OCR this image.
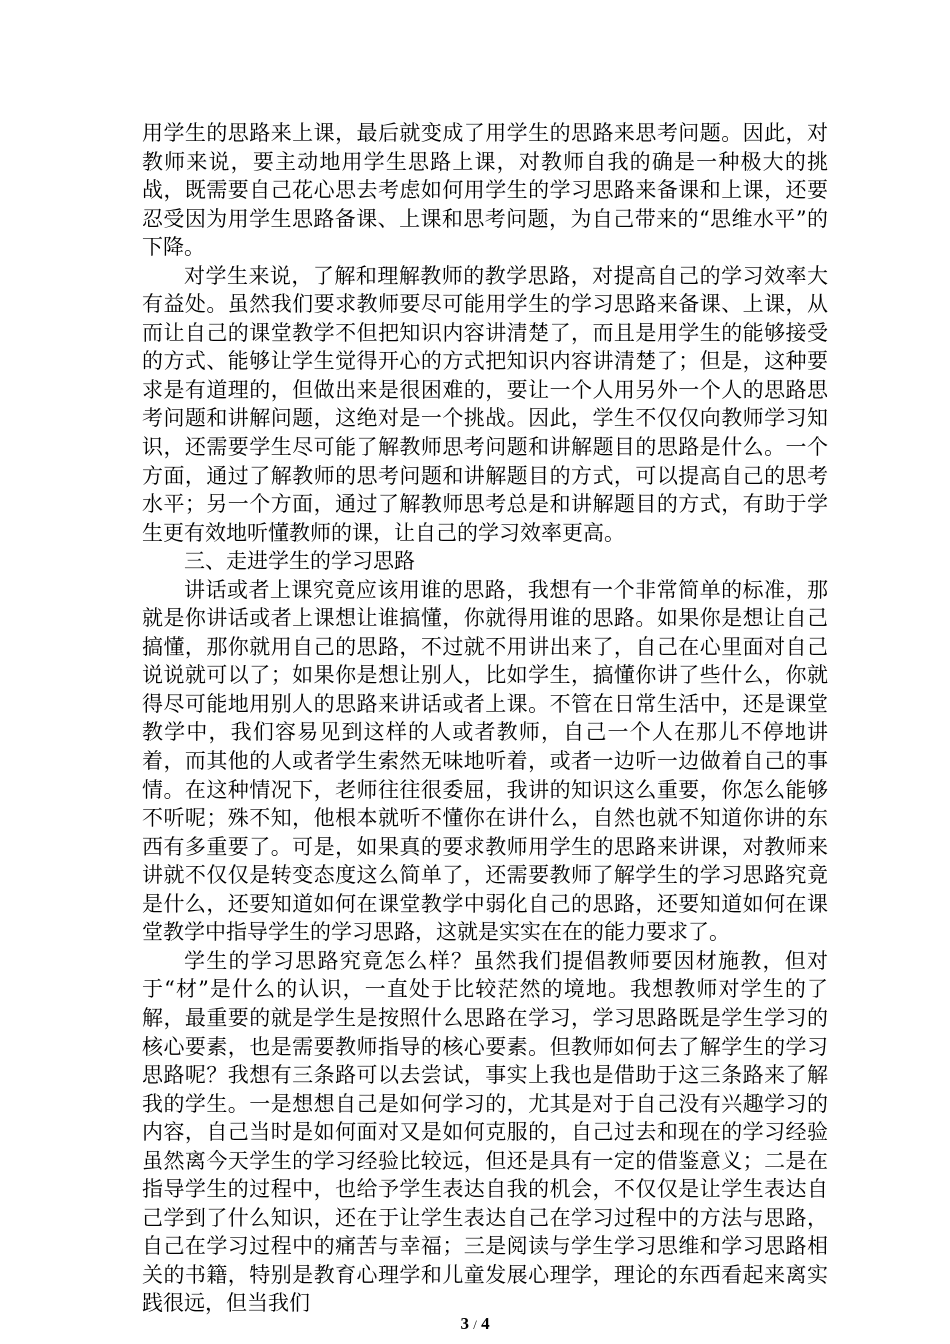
用学生的思路来上课，最后就变成了用学生的思路来思考问题。因此，对教师来说，要主动地用学生思路上课，对教师自我的确是一种极大的挑战，既需要自己花心思去考虑如何用学生的学习思路来备课和上课，还要忍受因为用学生思路备课、上课和思考问题，为自己带来的“思维水平”的下降。

对学生来说，了解和理解教师的教学思路，对提高自己的学习效率大有益处。虽然我们要求教师要尽可能用学生的学习思路来备课、上课，从而让自己的课堂教学不但把知识内容讲清楚了，而且是用学生的能够接受的方式、能够让学生觉得开心的方式把知识内容讲清楚了；但是，这种要求是有道理的，但做出来是很困难的，要让一个人用另外一个人的思路思考问题和讲解问题，这绝对是一个挑战。因此，学生不仅仅向教师学习知识，还需要学生尽可能了解教师思考问题和讲解题目的思路是什么。一个方面，通过了解教师的思考问题和讲解题目的方式，可以提高自己的思考水平；另一个方面，通过了解教师思考总是和讲解题目的方式，有助于学生更有效地听懂教师的课，让自己的学习效率更高。

三、走进学生的学习思路

讲话或者上课究竟应该用谁的思路，我想有一个非常简单的标准，那就是你讲话或者上课想让谁搞懂，你就得用谁的思路。如果你是想让自己搞懂，那你就用自己的思路，不过就不用讲出来了，自己在心里面对自己说说就可以了；如果你是想让别人，比如学生，搞懂你讲了些什么，你就得尽可能地用别人的思路来讲话或者上课。不管在日常生活中，还是课堂教学中，我们容易见到这样的人或者教师，自己一个人在那儿不停地讲着，而其他的人或者学生索然无味地听着，或者一边听一边做着自己的事情。在这种情况下，老师往往很委屈，我讲的知识这么重要，你怎么能够不听呢；殊不知，他根本就听不懂你在讲什么，自然也就不知道你讲的东西有多重要了。可是，如果真的要求教师用学生的思路来讲课，对教师来讲就不仅仅是转变态度这么简单了，还需要教师了解学生的学习思路究竟是什么，还要知道如何在课堂教学中弱化自己的思路，还要知道如何在课堂教学中指导学生的学习思路，这就是实实在在的能力要求了。

学生的学习思路究竟怎么样？虽然我们提倡教师要因材施教，但对于“材”是什么的认识，一直处于比较茫然的境地。我想教师对学生的了解，最重要的就是学生是按照什么思路在学习，学习思路既是学生学习的核心要素，也是需要教师指导的核心要素。但教师如何去了解学生的学习思路呢？我想有三条路可以去尝试，事实上我也是借助于这三条路来了解我的学生。一是想想自己是如何学习的，尤其是对于自己没有兴趣学习的内容，自己当时是如何面对又是如何克服的，自己过去和现在的学习经验虽然离今天学生的学习经验比较远，但还是具有一定的借鉴意义；二是在指导学生的过程中，也给予学生表达自我的机会，不仅仅是让学生表达自己学到了什么知识，还在于让学生表达自己在学习过程中的方法与思路，自己在学习过程中的痛苦与幸福；三是阅读与学生学习思维和学习思路相关的书籍，特别是教育心理学和儿童发展心理学，理论的东西看起来离实践很远，但当我们

3 / 4
